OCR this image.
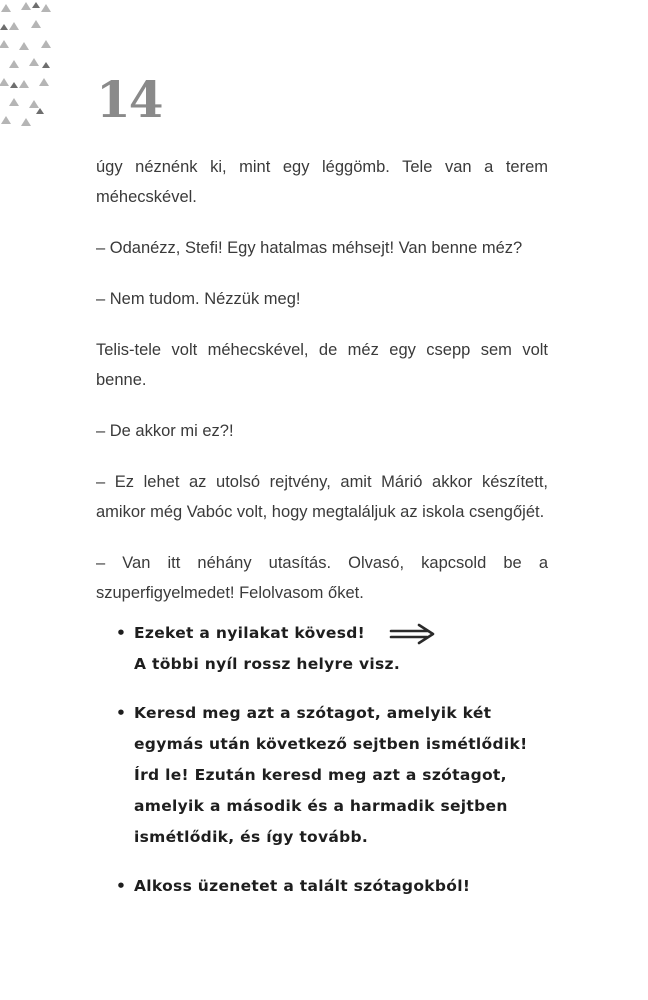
14

úgy néznénk ki, mint egy léggömb. Tele van a terem méhecskével.

– Odanézz, Stefi! Egy hatalmas méhsejt! Van benne méz?

– Nem tudom. Nézzük meg!

Telis-tele volt méhecskével, de méz egy csepp sem volt benne.

– De akkor mi ez?!

– Ez lehet az utolsó rejtvény, amit Márió akkor készített, amikor még Vabóc volt, hogy megtaláljuk az iskola csengőjét.

– Van itt néhány utasítás. Olvasó, kapcsold be a szuperfigyelmedet! Felolvasom őket.

• Ezeket a nyilakat kövesd!
A többi nyíl rossz helyre visz.
• Keresd meg azt a szótagot, amelyik két egymás után következő sejtben ismétlődik! Írd le! Ezután keresd meg azt a szótagot, amelyik a második és a harmadik sejtben ismétlődik, és így tovább.
• Alkoss üzenetet a talált szótagokból!
